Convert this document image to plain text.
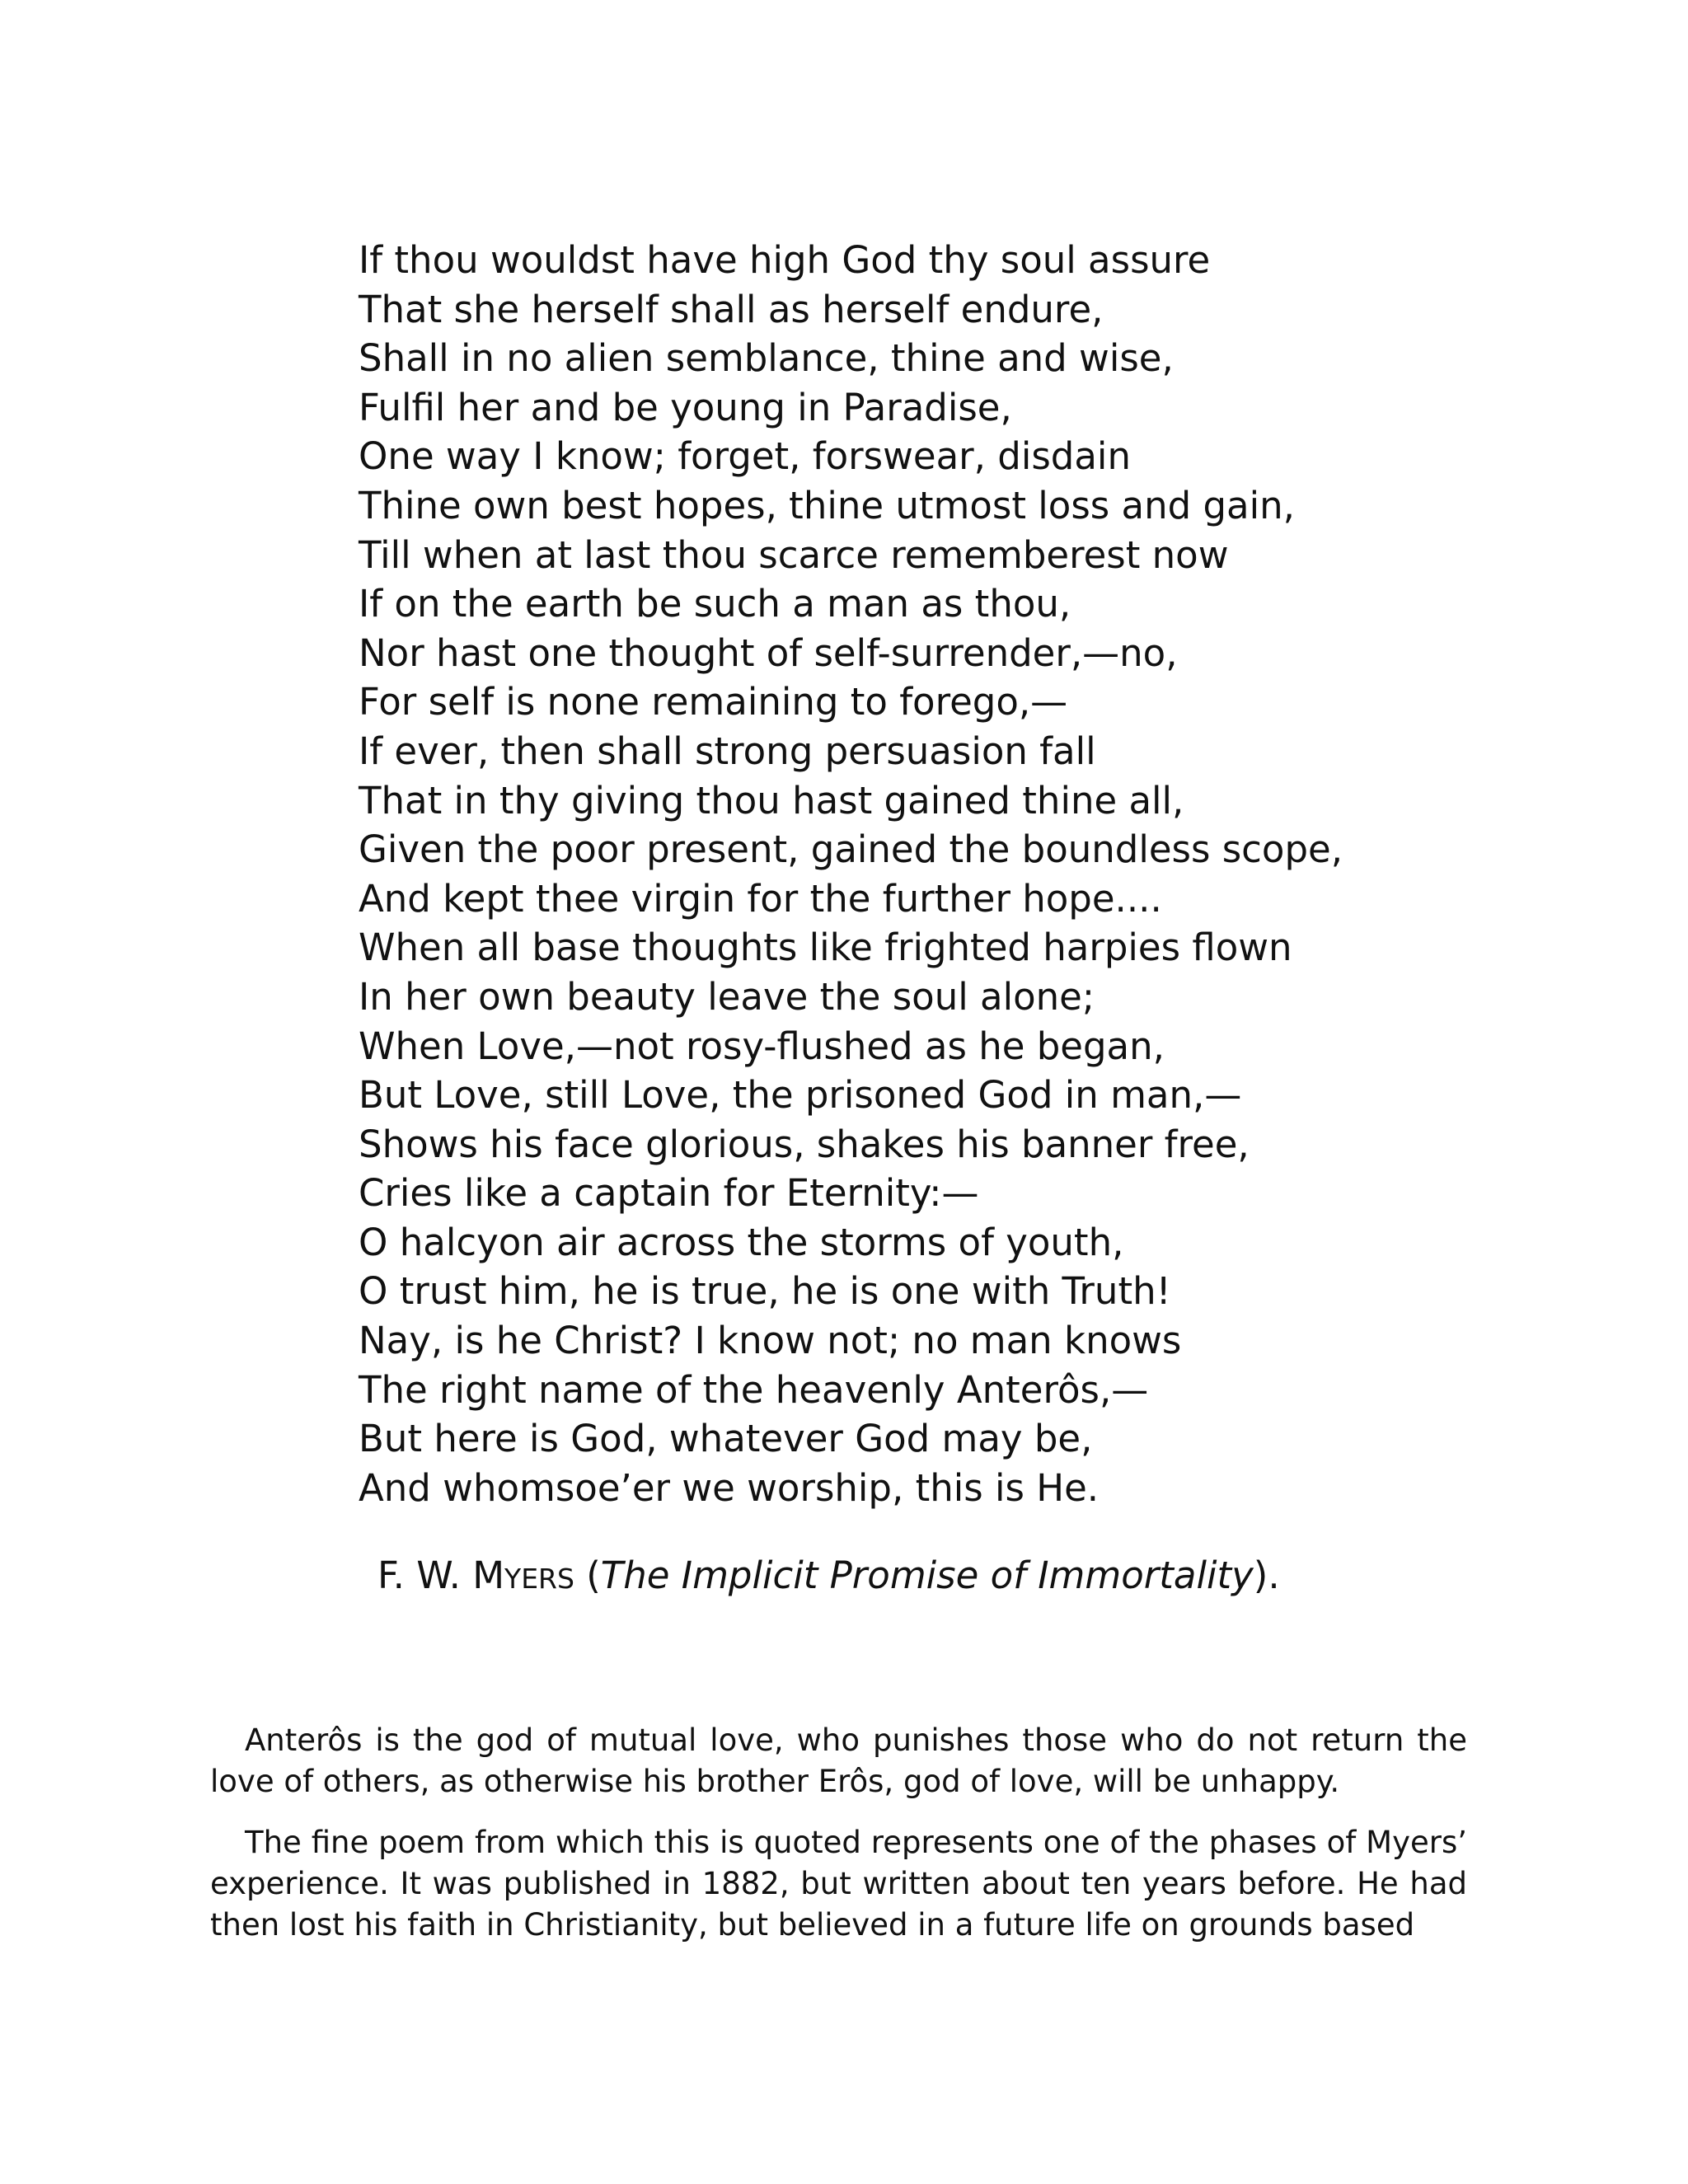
If thou wouldst have high God thy soul assure
That she herself shall as herself endure,
Shall in no alien semblance, thine and wise,
Fulfil her and be young in Paradise,
One way I know; forget, forswear, disdain
Thine own best hopes, thine utmost loss and gain,
Till when at last thou scarce rememberest now
If on the earth be such a man as thou,
Nor hast one thought of self-surrender,—no,
For self is none remaining to forego,—
If ever, then shall strong persuasion fall
That in thy giving thou hast gained thine all,
Given the poor present, gained the boundless scope,
And kept thee virgin for the further hope....
When all base thoughts like frighted harpies flown
In her own beauty leave the soul alone;
When Love,—not rosy-flushed as he began,
But Love, still Love, the prisoned God in man,—
Shows his face glorious, shakes his banner free,
Cries like a captain for Eternity:—
O halcyon air across the storms of youth,
O trust him, he is true, he is one with Truth!
Nay, is he Christ? I know not; no man knows
The right name of the heavenly Anterôs,—
But here is God, whatever God may be,
And whomsoe’er we worship, this is He.
F. W. MYERS (The Implicit Promise of Immortality).

Anterôs is the god of mutual love, who punishes those who do not return the love of others, as otherwise his brother Erôs, god of love, will be unhappy.

The fine poem from which this is quoted represents one of the phases of Myers’ experience. It was published in 1882, but written about ten years before. He had then lost his faith in Christianity, but believed in a future life on grounds based
